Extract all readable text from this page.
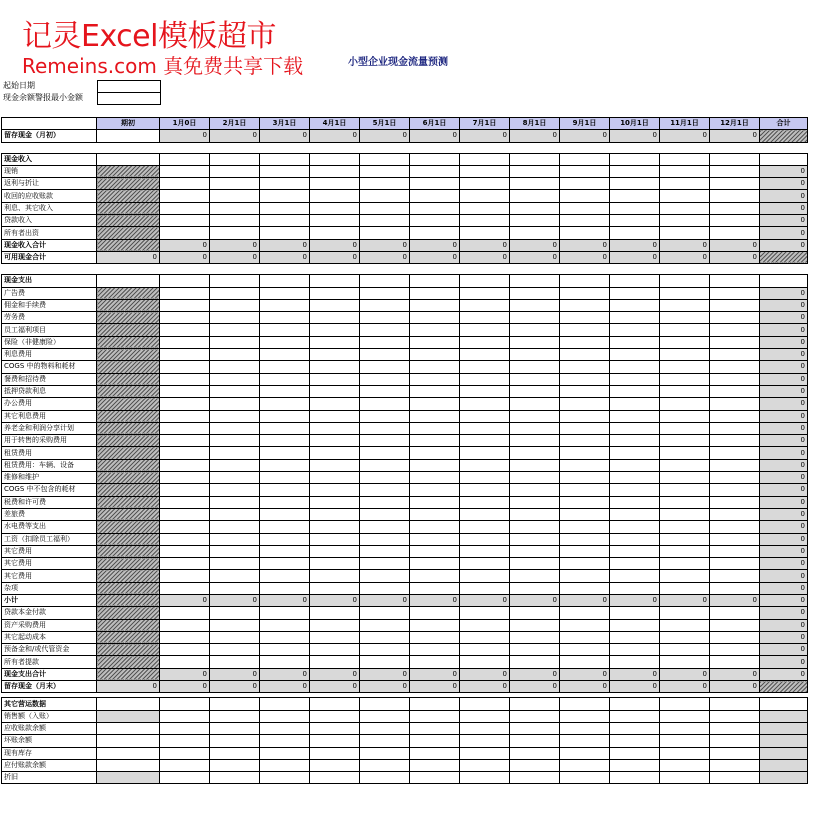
记灵Excel模板超市
Remeins.com 真免费共享下载	小型企业现金流量预测
起始日期
现金余额警报最小金额
	期初	1月0日	2月1日	3月1日	4月1日	5月1日	6月1日	7月1日	8月1日	9月1日	10月1日	11月1日	12月1日	合计
留存现金（月初）		0	0	0	0	0	0	0	0	0	0	0	0	

现金收入														
现销														0
返利与折让														0
收回的应收账款														0
利息、其它收入														0
贷款收入														0
所有者出资														0
现金收入合计		0	0	0	0	0	0	0	0	0	0	0	0	0
可用现金合计	0	0	0	0	0	0	0	0	0	0	0	0	0	

现金支出														
广告费														0
佣金和手续费														0
劳务费														0
员工福利项目														0
保险（非健康险）														0
利息费用														0
COGS 中的物料和耗材														0
餐费和招待费														0
抵押贷款利息														0
办公费用														0
其它利息费用														0
养老金和利润分享计划														0
用于转售的采购费用														0
租赁费用														0
租赁费用：车辆、设备														0
维修和维护														0
COGS 中不包含的耗材														0
税费和许可费														0
差旅费														0
水电费等支出														0
工资（扣除员工福利）														0
其它费用														0
其它费用														0
其它费用														0
杂项														0
小计		0	0	0	0	0	0	0	0	0	0	0	0	0
贷款本金付款														0
资产采购费用														0
其它起动成本														0
预备金和/或代管资金														0
所有者提款														0
现金支出合计		0	0	0	0	0	0	0	0	0	0	0	0	0
留存现金（月末）	0	0	0	0	0	0	0	0	0	0	0	0	0	

其它营运数据														
销售额（入账）														
应收账款余额														
坏账余额														
现有库存														
应付账款余额														
折旧														
